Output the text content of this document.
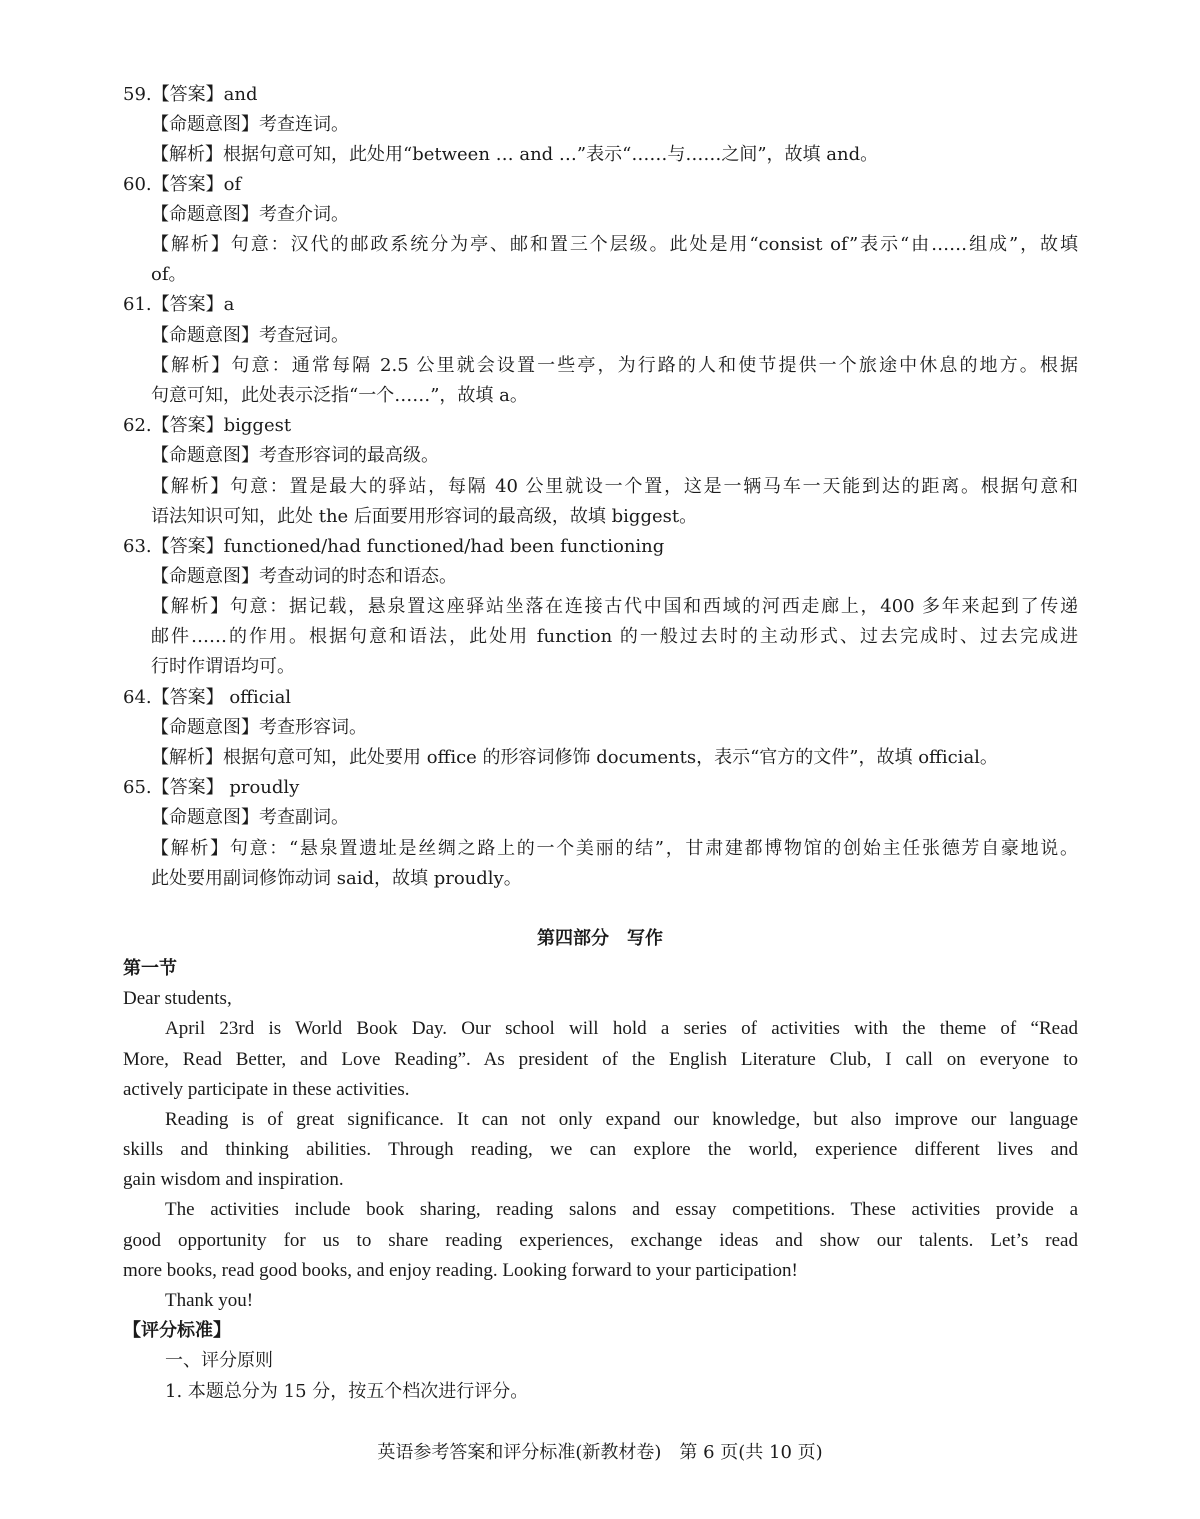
59.【答案】and
【命题意图】考查连词。
【解析】根据句意可知，此处用“between … and …”表示“……与……之间”，故填 and。
60.【答案】of
【命题意图】考查介词。
【解析】句意：汉代的邮政系统分为亭、邮和置三个层级。此处是用“consist of”表示“由……组成”，故填
of。
61.【答案】a
【命题意图】考查冠词。
【解析】句意：通常每隔 2.5 公里就会设置一些亭，为行路的人和使节提供一个旅途中休息的地方。根据
句意可知，此处表示泛指“一个……”，故填 a。
62.【答案】biggest
【命题意图】考查形容词的最高级。
【解析】句意：置是最大的驿站，每隔 40 公里就设一个置，这是一辆马车一天能到达的距离。根据句意和
语法知识可知，此处 the 后面要用形容词的最高级，故填 biggest。
63.【答案】functioned/had functioned/had been functioning
【命题意图】考查动词的时态和语态。
【解析】句意：据记载，悬泉置这座驿站坐落在连接古代中国和西域的河西走廊上，400 多年来起到了传递
邮件……的作用。根据句意和语法，此处用 function 的一般过去时的主动形式、过去完成时、过去完成进
行时作谓语均可。
64.【答案】 official
【命题意图】考查形容词。
【解析】根据句意可知，此处要用 office 的形容词修饰 documents，表示“官方的文件”，故填 official。
65.【答案】 proudly
【命题意图】考查副词。
【解析】句意：“悬泉置遗址是丝绸之路上的一个美丽的结”，甘肃建都博物馆的创始主任张德芳自豪地说。
此处要用副词修饰动词 said，故填 proudly。
第四部分　写作
第一节
Dear students,
April 23rd is World Book Day. Our school will hold a series of activities with the theme of “Read
More, Read Better, and Love Reading”. As president of the English Literature Club, I call on everyone to
actively participate in these activities.
Reading is of great significance. It can not only expand our knowledge, but also improve our language
skills and thinking abilities. Through reading, we can explore the world, experience different lives and
gain wisdom and inspiration.
The activities include book sharing, reading salons and essay competitions. These activities provide a
good opportunity for us to share reading experiences, exchange ideas and show our talents. Let’s read
more books, read good books, and enjoy reading. Looking forward to your participation!
Thank you!
【评分标准】
一、评分原则
1. 本题总分为 15 分，按五个档次进行评分。
英语参考答案和评分标准(新教材卷)　第 6 页(共 10 页)
